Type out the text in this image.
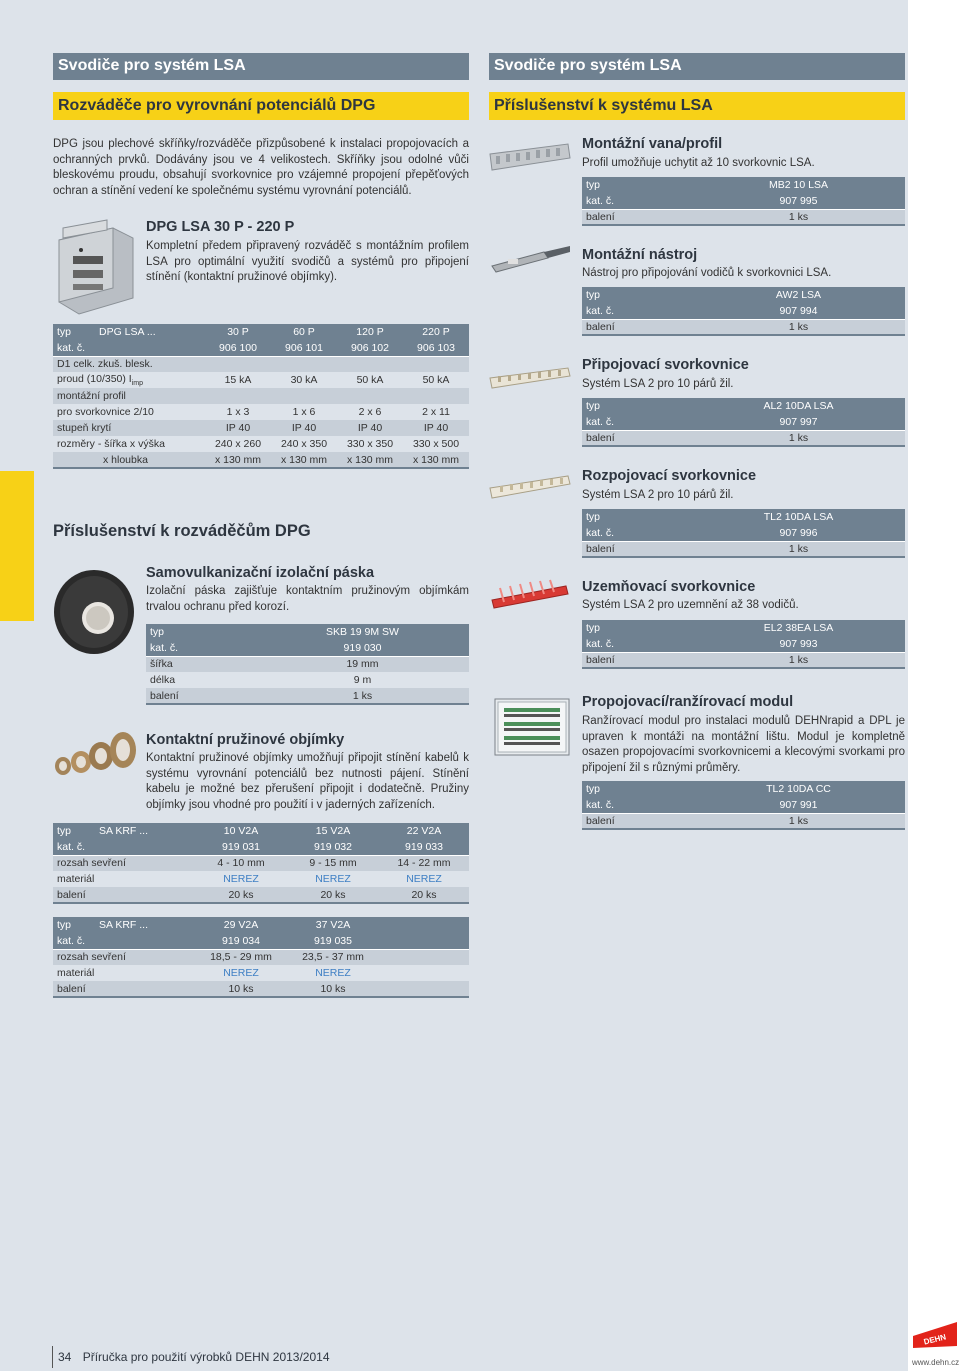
Svodiče pro systém LSA
Rozváděče pro vyrovnání potenciálů DPG
Svodiče pro systém LSA
Příslušenství k systému LSA
DPG jsou plechové skříňky/rozváděče přizpůsobené k instalaci propojovacích a ochranných prvků. Dodávány jsou ve 4 velikostech. Skříňky jsou odolné vůči bleskovému proudu, obsahují svorkovnice pro vzájemné propojení přepěťových ochran a stínění vedení ke společnému systému vyrovnání potenciálů.
DPG LSA 30 P - 220 P
Kompletní předem připravený rozváděč s montážním profilem LSA pro optimální využití svodičů a systémů pro připojení stínění (kontaktní pružinové objímky).
typ	DPG LSA ...	30 P	60 P	120 P	220 P
kat. č.		906 100	906 101	906 102	906 103
D1 celk. zkuš. blesk.					
proud (10/350) $I_{imp}$		15 kA	30 kA	50 kA	50 kA
montážní profil					
pro svorkovnice 2/10		1 x 3	1 x 6	2 x 6	2 x 11
stupeň krytí		IP 40	IP 40	IP 40	IP 40
rozměry - šířka x výška		240 x 260	240 x 350	330 x 350	330 x 500
x hloubka		x 130 mm	x 130 mm	x 130 mm	x 130 mm
Příslušenství k rozváděčům DPG
Samovulkanizační izolační páska
Izolační páska zajišťuje kontaktním pružinovým objímkám trvalou ochranu před korozí.
typ	SKB 19 9M SW
kat. č.	919 030
šířka	19 mm
délka	9 m
balení	1 ks
Kontaktní pružinové objímky
Kontaktní pružinové objímky umožňují připojit stínění kabelů k systému vyrovnání potenciálů bez nutnosti pájení. Stínění kabelu je možné bez přerušení připojit i dodatečně. Pružiny objímky jsou vhodné pro použití i v jaderných zařízeních.
typ	SA KRF ...	10 V2A	15 V2A	22 V2A
kat. č.		919 031	919 032	919 033
rozsah sevření		4 - 10 mm	9 - 15 mm	14 - 22 mm
materiál		NEREZ	NEREZ	NEREZ
balení		20 ks	20 ks	20 ks
typ	SA KRF ...	29 V2A	37 V2A	
kat. č.		919 034	919 035	
rozsah sevření		18,5 - 29 mm	23,5 - 37 mm	
materiál		NEREZ	NEREZ	
balení		10 ks	10 ks	
Montážní vana/profil
Profil umožňuje uchytit až 10 svorkovnic LSA.
typ	MB2 10 LSA
kat. č.	907 995
balení	1 ks
Montážní nástroj
Nástroj pro připojování vodičů k svorkovnici LSA.
typ	AW2 LSA
kat. č.	907 994
balení	1 ks
Připojovací svorkovnice
Systém LSA 2 pro 10 párů žil.
typ	AL2 10DA LSA
kat. č.	907 997
balení	1 ks
Rozpojovací svorkovnice
Systém LSA 2 pro 10 párů žil.
typ	TL2 10DA LSA
kat. č.	907 996
balení	1 ks
Uzemňovací svorkovnice
Systém LSA 2 pro uzemnění až 38 vodičů.
typ	EL2 38EA LSA
kat. č.	907 993
balení	1 ks
Propojovací/ranžírovací modul
Ranžírovací modul pro instalaci modulů DEHNrapid a DPL je upraven k montáži na montážní lištu. Modul je kompletně osazen propojovacími svorkovnicemi a klecovými svorkami pro připojení žil s různými průměry.
typ	TL2 10DA CC
kat. č.	907 991
balení	1 ks
34 Příručka pro použití výrobků DEHN 2013/2014
DEHN
www.dehn.cz
